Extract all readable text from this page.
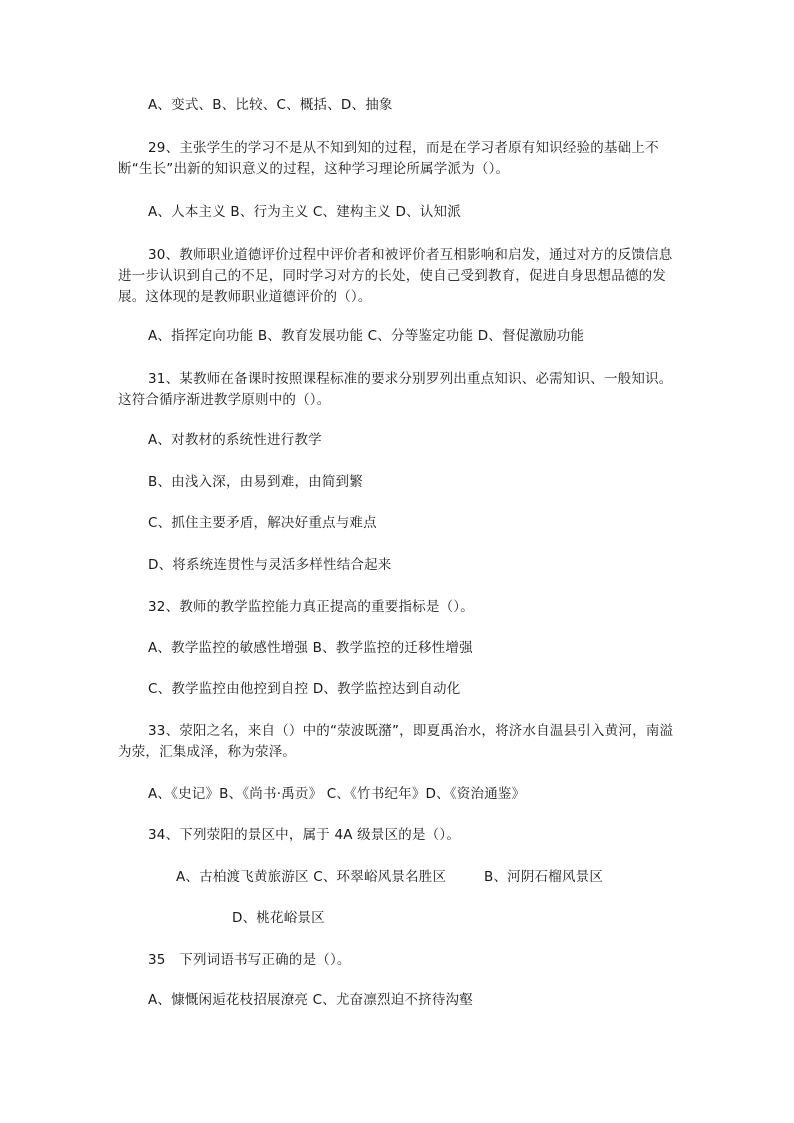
A、变式、B、比较、C、概括、D、抽象
29、主张学生的学习不是从不知到知的过程，而是在学习者原有知识经验的基础上不断“生长”出新的知识意义的过程，这种学习理论所属学派为（）。
A、人本主义 B、行为主义 C、建构主义 D、认知派
30、教师职业道德评价过程中评价者和被评价者互相影响和启发，通过对方的反馈信息进一步认识到自己的不足，同时学习对方的长处，使自己受到教育，促进自身思想品德的发展。这体现的是教师职业道德评价的（）。
A、指挥定向功能 B、教育发展功能 C、分等鉴定功能 D、督促激励功能
31、某教师在备课时按照课程标准的要求分别罗列出重点知识、必需知识、一般知识。这符合循序渐进教学原则中的（）。
A、对教材的系统性进行教学
B、由浅入深，由易到难，由简到繁
C、抓住主要矛盾，解决好重点与难点
D、将系统连贯性与灵活多样性结合起来
32、教师的教学监控能力真正提高的重要指标是（）。
A、教学监控的敏感性增强 B、教学监控的迁移性增强
C、教学监控由他控到自控 D、教学监控达到自动化
33、荥阳之名，来自（）中的“荥波既潴”，即夏禹治水，将济水自温县引入黄河，南溢为荥，汇集成泽，称为荥泽。
A、《史记》B、《尚书·禹贡》 C、《竹书纪年》D、《资治通鉴》
34、下列荥阳的景区中，属于 4A 级景区的是（）。
A、古柏渡飞黄旅游区 C、环翠峪风景名胜区	B、河阴石榴风景区
D、桃花峪景区
35　下列词语书写正确的是（）。
A、慷慨闲逅花枝招展潦亮 C、尤奋凛烈迫不挤待沟壑
